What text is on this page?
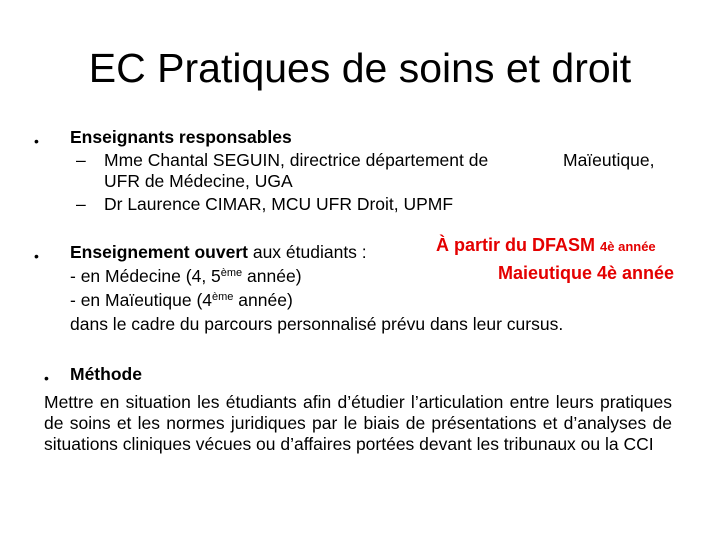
EC Pratiques de soins et droit
• Enseignants responsables
– Mme Chantal SEGUIN, directrice département de	Maïeutique,
UFR de Médecine, UGA
– Dr Laurence CIMAR, MCU UFR Droit, UPMF
• Enseignement ouvert aux étudiants :	À partir du DFASM 4è année
Maieutique 4è année
- en Médecine (4, 5ème année)
- en Maïeutique (4ème année)
dans le cadre du parcours personnalisé prévu dans leur cursus.
• Méthode
Mettre en situation les étudiants afin d’étudier l’articulation entre leurs pratiques de soins et les normes juridiques par le biais de présentations et d’analyses de situations cliniques vécues ou d’affaires portées devant les tribunaux ou la CCI
